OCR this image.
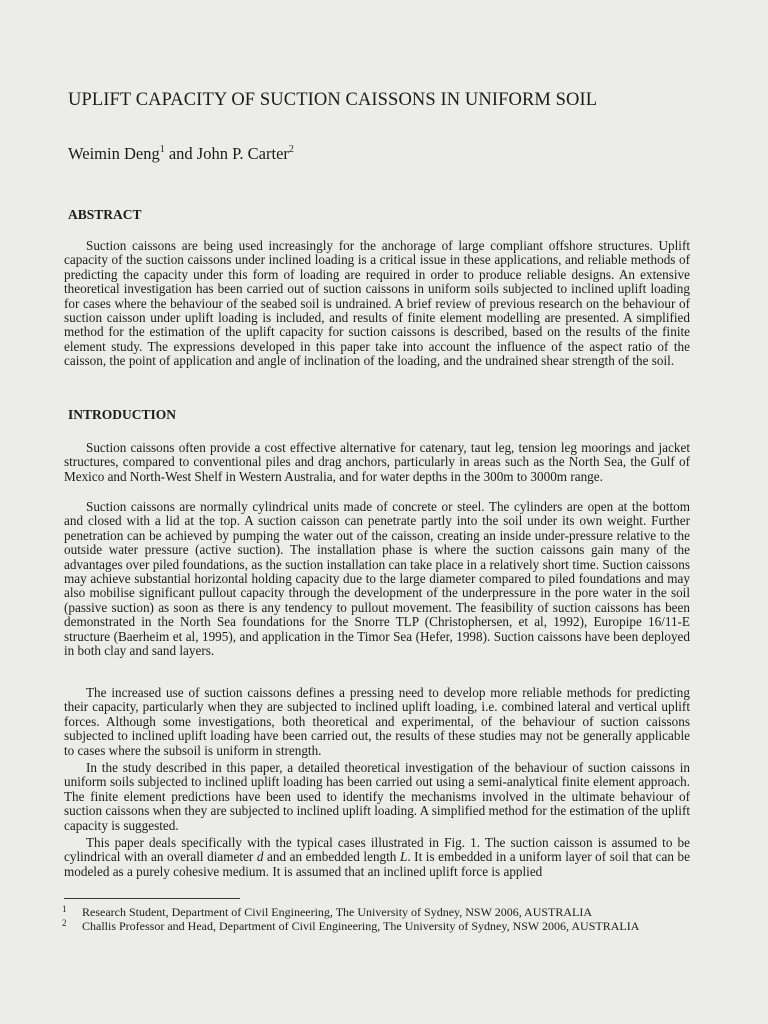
UPLIFT CAPACITY OF SUCTION CAISSONS IN UNIFORM SOIL
Weimin Deng$^1$ and John P. Carter$^2$
ABSTRACT

Suction caissons are being used increasingly for the anchorage of large compliant offshore structures. Uplift capacity of the suction caissons under inclined loading is a critical issue in these applications, and reliable methods of predicting the capacity under this form of loading are required in order to produce reliable designs. An extensive theoretical investigation has been carried out of suction caissons in uniform soils subjected to inclined uplift loading for cases where the behaviour of the seabed soil is undrained. A brief review of previous research on the behaviour of suction caisson under uplift loading is included, and results of finite element modelling are presented. A simplified method for the estimation of the uplift capacity for suction caissons is described, based on the results of the finite element study. The expressions developed in this paper take into account the influence of the aspect ratio of the caisson, the point of application and angle of inclination of the loading, and the undrained shear strength of the soil.

INTRODUCTION

Suction caissons often provide a cost effective alternative for catenary, taut leg, tension leg moorings and jacket structures, compared to conventional piles and drag anchors, particularly in areas such as the North Sea, the Gulf of Mexico and North-West Shelf in Western Australia, and for water depths in the 300m to 3000m range.

Suction caissons are normally cylindrical units made of concrete or steel. The cylinders are open at the bottom and closed with a lid at the top. A suction caisson can penetrate partly into the soil under its own weight. Further penetration can be achieved by pumping the water out of the caisson, creating an inside under-pressure relative to the outside water pressure (active suction). The installation phase is where the suction caissons gain many of the advantages over piled foundations, as the suction installation can take place in a relatively short time. Suction caissons may achieve substantial horizontal holding capacity due to the large diameter compared to piled foundations and may also mobilise significant pullout capacity through the development of the underpressure in the pore water in the soil (passive suction) as soon as there is any tendency to pullout movement. The feasibility of suction caissons has been demonstrated in the North Sea foundations for the Snorre TLP (Christophersen, et al, 1992), Europipe 16/11-E structure (Baerheim et al, 1995), and application in the Timor Sea (Hefer, 1998). Suction caissons have been deployed in both clay and sand layers.

The increased use of suction caissons defines a pressing need to develop more reliable methods for predicting their capacity, particularly when they are subjected to inclined uplift loading, i.e. combined lateral and vertical uplift forces. Although some investigations, both theoretical and experimental, of the behaviour of suction caissons subjected to inclined uplift loading have been carried out, the results of these studies may not be generally applicable to cases where the subsoil is uniform in strength.

In the study described in this paper, a detailed theoretical investigation of the behaviour of suction caissons in uniform soils subjected to inclined uplift loading has been carried out using a semi-analytical finite element approach. The finite element predictions have been used to identify the mechanisms involved in the ultimate behaviour of suction caissons when they are subjected to inclined uplift loading. A simplified method for the estimation of the uplift capacity is suggested.

This paper deals specifically with the typical cases illustrated in Fig. 1. The suction caisson is assumed to be cylindrical with an overall diameter d and an embedded length L. It is embedded in a uniform layer of soil that can be modeled as a purely cohesive medium. It is assumed that an inclined uplift force is applied

1 Research Student, Department of Civil Engineering, The University of Sydney, NSW 2006, AUSTRALIA
2 Challis Professor and Head, Department of Civil Engineering, The University of Sydney, NSW 2006, AUSTRALIA
